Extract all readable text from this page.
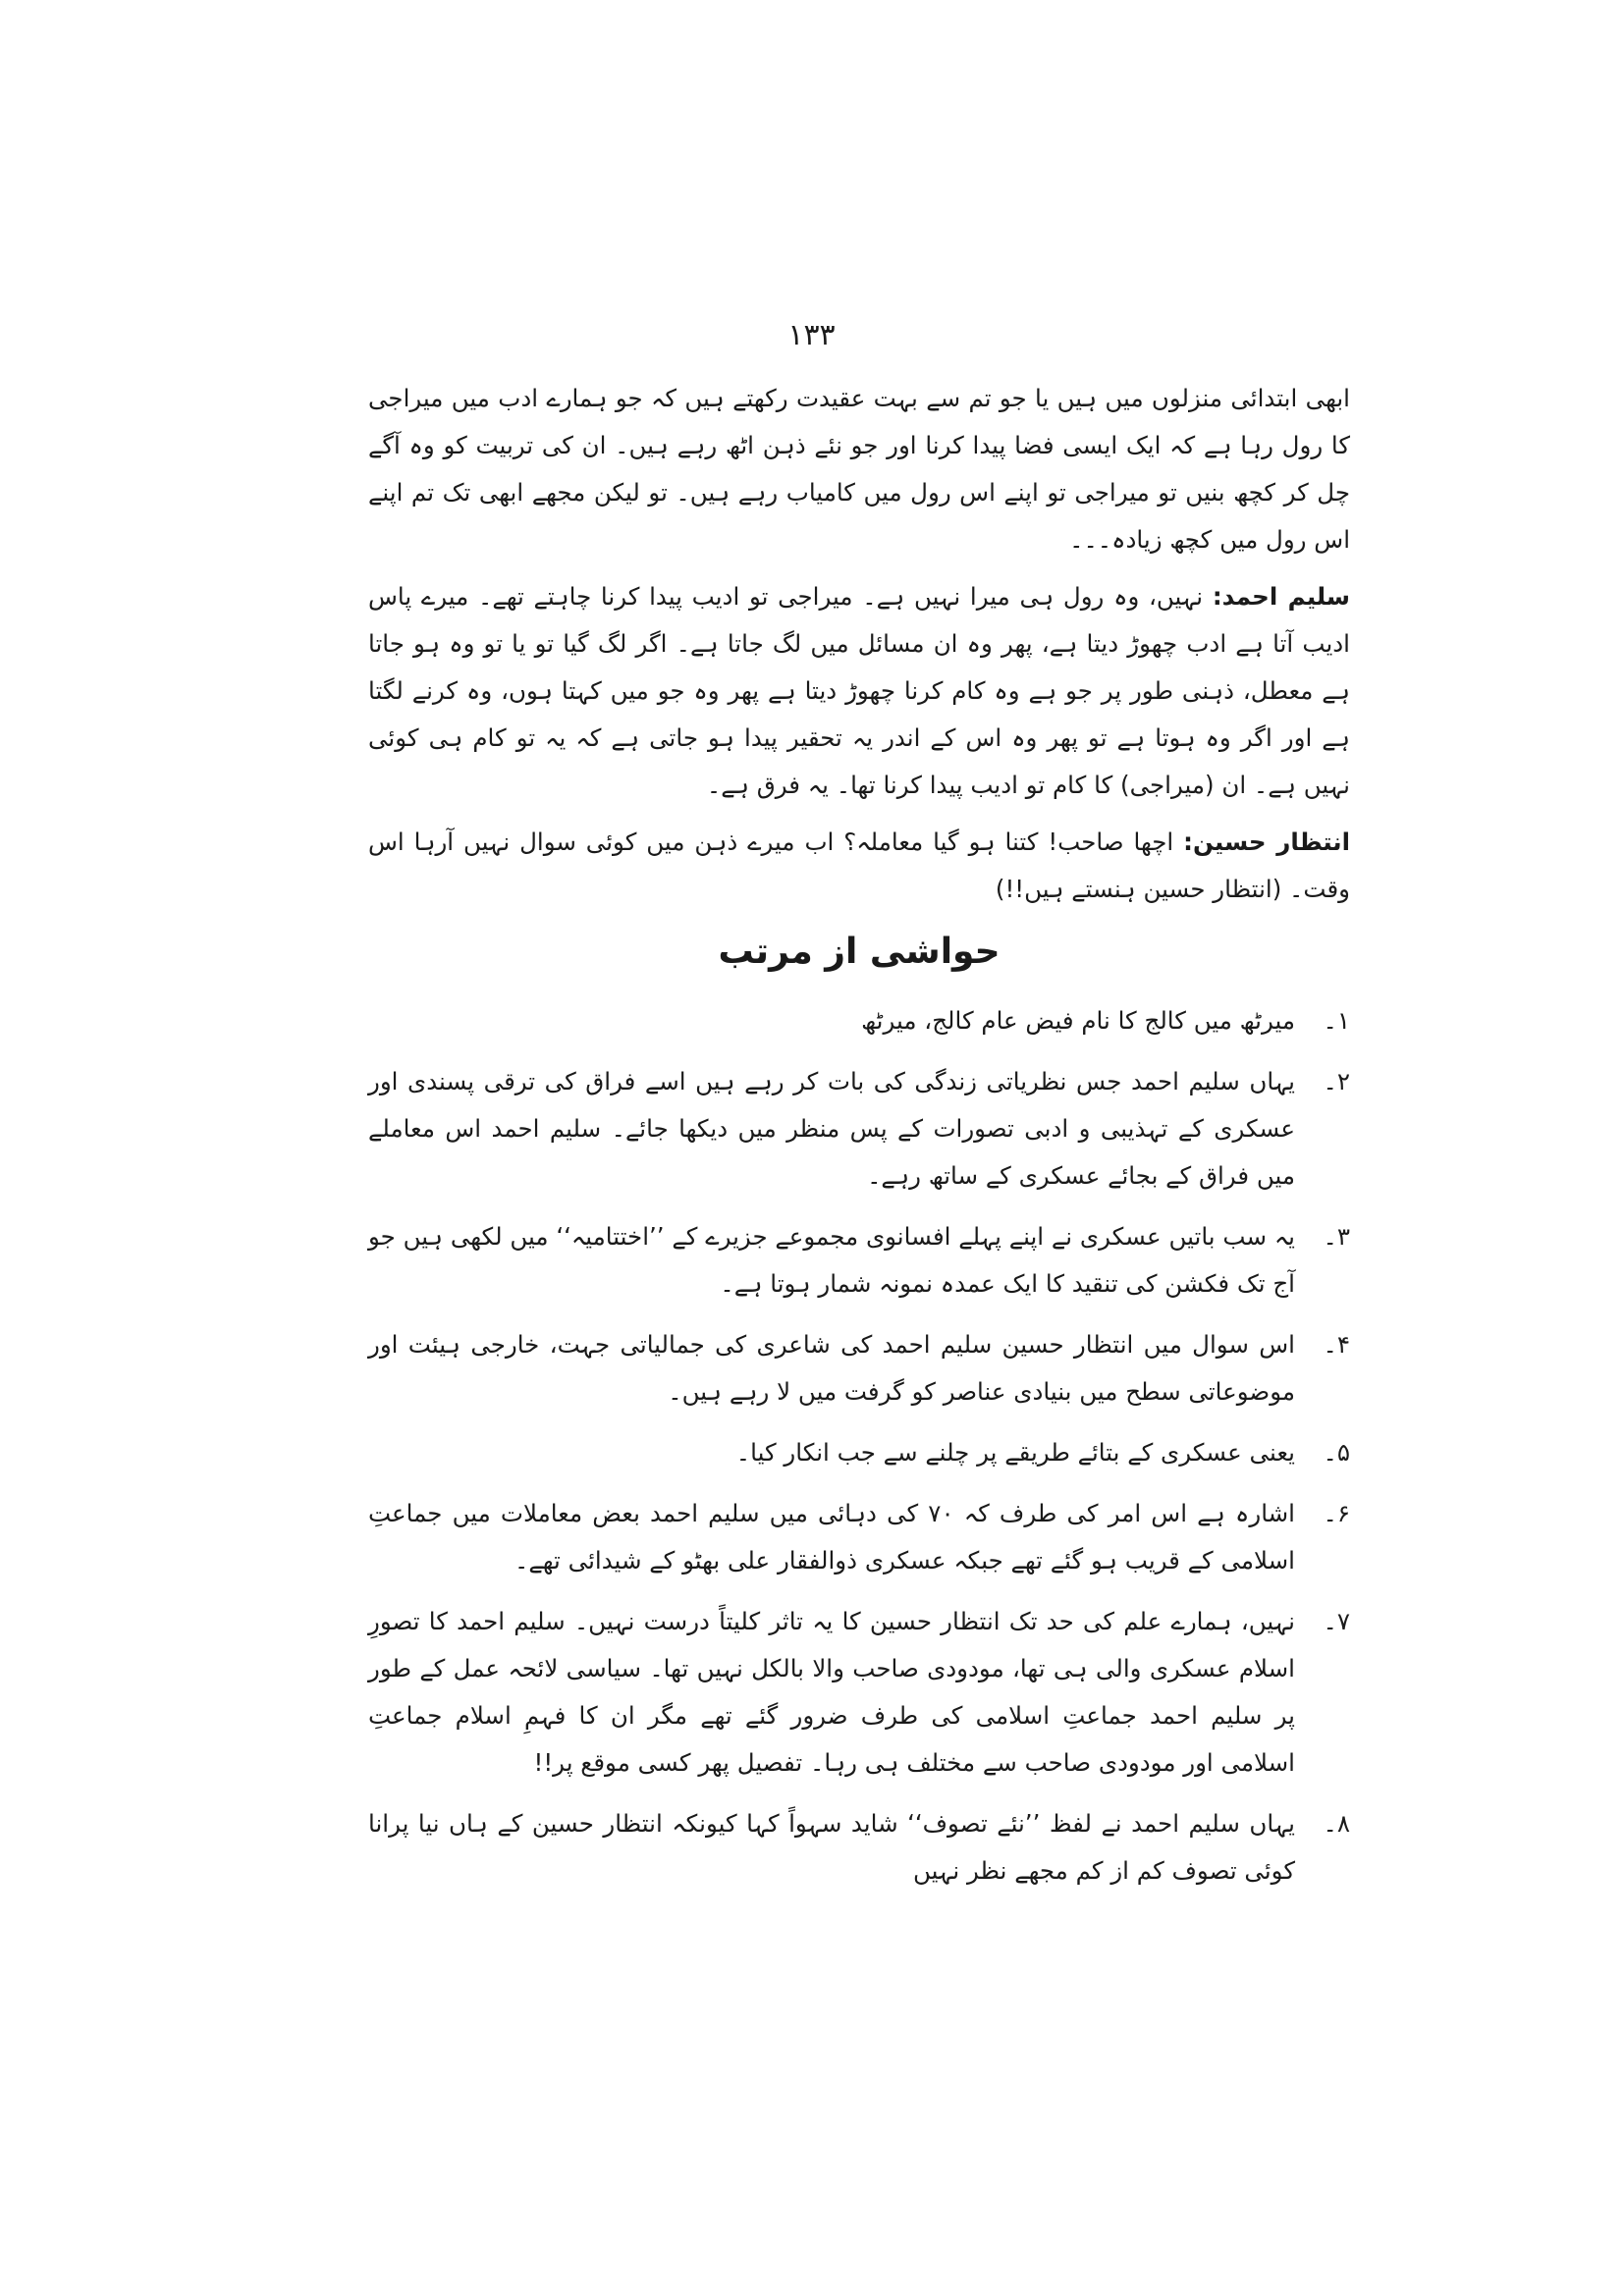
۱۳۳

ابھی ابتدائی منزلوں میں ہیں یا جو تم سے بہت عقیدت رکھتے ہیں کہ جو ہمارے ادب میں میراجی کا رول رہا ہے کہ ایک ایسی فضا پیدا کرنا اور جو نئے ذہن اٹھ رہے ہیں۔ ان کی تربیت کو وہ آگے چل کر کچھ بنیں تو میراجی تو اپنے اس رول میں کامیاب رہے ہیں۔ تو لیکن مجھے ابھی تک تم اپنے اس رول میں کچھ زیادہ۔۔۔

سلیم احمد: نہیں، وہ رول ہی میرا نہیں ہے۔ میراجی تو ادیب پیدا کرنا چاہتے تھے۔ میرے پاس ادیب آتا ہے ادب چھوڑ دیتا ہے، پھر وہ ان مسائل میں لگ جاتا ہے۔ اگر لگ گیا تو یا تو وہ ہو جاتا ہے معطل، ذہنی طور پر جو ہے وہ کام کرنا چھوڑ دیتا ہے پھر وہ جو میں کہتا ہوں، وہ کرنے لگتا ہے اور اگر وہ ہوتا ہے تو پھر وہ اس کے اندر یہ تحقیر پیدا ہو جاتی ہے کہ یہ تو کام ہی کوئی نہیں ہے۔ ان (میراجی) کا کام تو ادیب پیدا کرنا تھا۔ یہ فرق ہے۔

انتظار حسین: اچھا صاحب! کتنا ہو گیا معاملہ؟ اب میرے ذہن میں کوئی سوال نہیں آرہا اس وقت۔ (انتظار حسین ہنستے ہیں!!)

حواشی از مرتب
۱۔
میرٹھ میں کالج کا نام فیض عام کالج، میرٹھ
۲۔
یہاں سلیم احمد جس نظریاتی زندگی کی بات کر رہے ہیں اسے فراق کی ترقی پسندی اور عسکری کے تہذیبی و ادبی تصورات کے پس منظر میں دیکھا جائے۔ سلیم احمد اس معاملے میں فراق کے بجائے عسکری کے ساتھ رہے۔
۳۔
یہ سب باتیں عسکری نے اپنے پہلے افسانوی مجموعے جزیرے کے ’’اختتامیہ‘‘ میں لکھی ہیں جو آج تک فکشن کی تنقید کا ایک عمدہ نمونہ شمار ہوتا ہے۔
۴۔
اس سوال میں انتظار حسین سلیم احمد کی شاعری کی جمالیاتی جہت، خارجی ہیئت اور موضوعاتی سطح میں بنیادی عناصر کو گرفت میں لا رہے ہیں۔
۵۔
یعنی عسکری کے بتائے طریقے پر چلنے سے جب انکار کیا۔
۶۔
اشارہ ہے اس امر کی طرف کہ ۷۰ کی دہائی میں سلیم احمد بعض معاملات میں جماعتِ اسلامی کے قریب ہو گئے تھے جبکہ عسکری ذوالفقار علی بھٹو کے شیدائی تھے۔
۷۔
نہیں، ہمارے علم کی حد تک انتظار حسین کا یہ تاثر کلیتاً درست نہیں۔ سلیم احمد کا تصورِ اسلام عسکری والی ہی تھا، مودودی صاحب والا بالکل نہیں تھا۔ سیاسی لائحہ عمل کے طور پر سلیم احمد جماعتِ اسلامی کی طرف ضرور گئے تھے مگر ان کا فہمِ اسلام جماعتِ اسلامی اور مودودی صاحب سے مختلف ہی رہا۔ تفصیل پھر کسی موقع پر!!
۸۔
یہاں سلیم احمد نے لفظ ’’نئے تصوف‘‘ شاید سہواً کہا کیونکہ انتظار حسین کے ہاں نیا پرانا کوئی تصوف کم از کم مجھے نظر نہیں
